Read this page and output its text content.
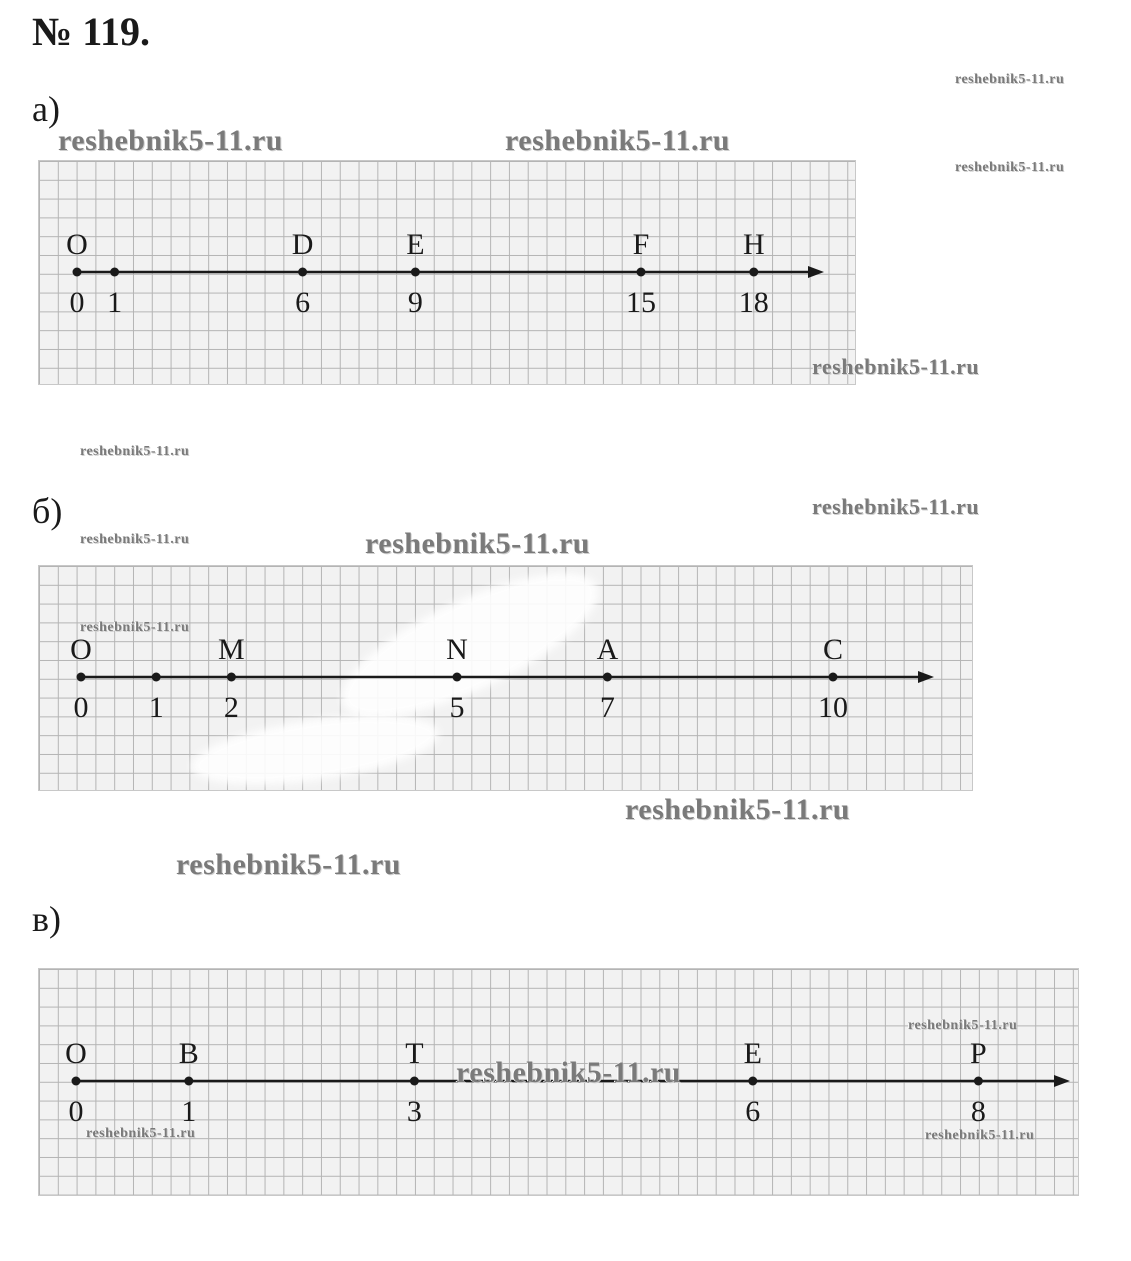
№ 119.
а)
O
0 1
D
6
E
9
F
15
H
18
б)
O
0 1
M
2
N
5
A
7
C
10
в)
O
0
B
1
T
3
E
6
P
8
reshebnik5-11.ru
reshebnik5-11.ru	reshebnik5-11.ru
reshebnik5-11.ru
reshebnik5-11.ru
reshebnik5-11.ru
reshebnik5-11.ru
reshebnik5-11.ru	reshebnik5-11.ru
reshebnik5-11.ru
reshebnik5-11.ru
reshebnik5-11.ru
reshebnik5-11.ru
reshebnik5-11.ru
reshebnik5-11.ru	reshebnik5-11.ru
